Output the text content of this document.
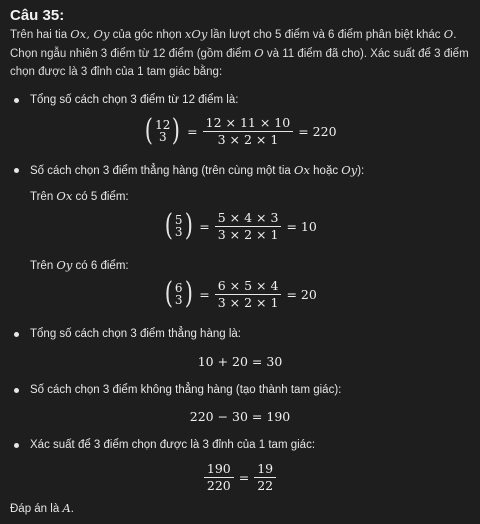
Câu 35:
Trên hai tia Ox, Oy của góc nhọn xOy lần lượt cho 5 điểm và 6 điểm phân biệt khác O. Chọn ngẫu nhiên 3 điểm từ 12 điểm (gồm điểm O và 11 điểm đã cho). Xác suất để 3 điểm chọn được là 3 đỉnh của 1 tam giác bằng:
Tổng số cách chọn 3 điểm từ 12 điểm là:
( 12
3 ) = $\frac{12 \times 11 \times 10}{3 \times 2 \times 1} = 220$
Số cách chọn 3 điểm thẳng hàng (trên cùng một tia Ox hoặc Oy):
Trên Ox có 5 điểm:
( 5
3 ) = $\frac{5 \times 4 \times 3}{3 \times 2 \times 1} = 10$
Trên Oy có 6 điểm:
( 6
3 ) = $\frac{6 \times 5 \times 4}{3 \times 2 \times 1} = 20$
Tổng số cách chọn 3 điểm thẳng hàng là:
10 + 20 = 30
Số cách chọn 3 điểm không thẳng hàng (tạo thành tam giác):
220 − 30 = 190
Xác suất để 3 điểm chọn được là 3 đỉnh của 1 tam giác:
$\frac{190}{220} = \frac{19}{22}$
Đáp án là A.
